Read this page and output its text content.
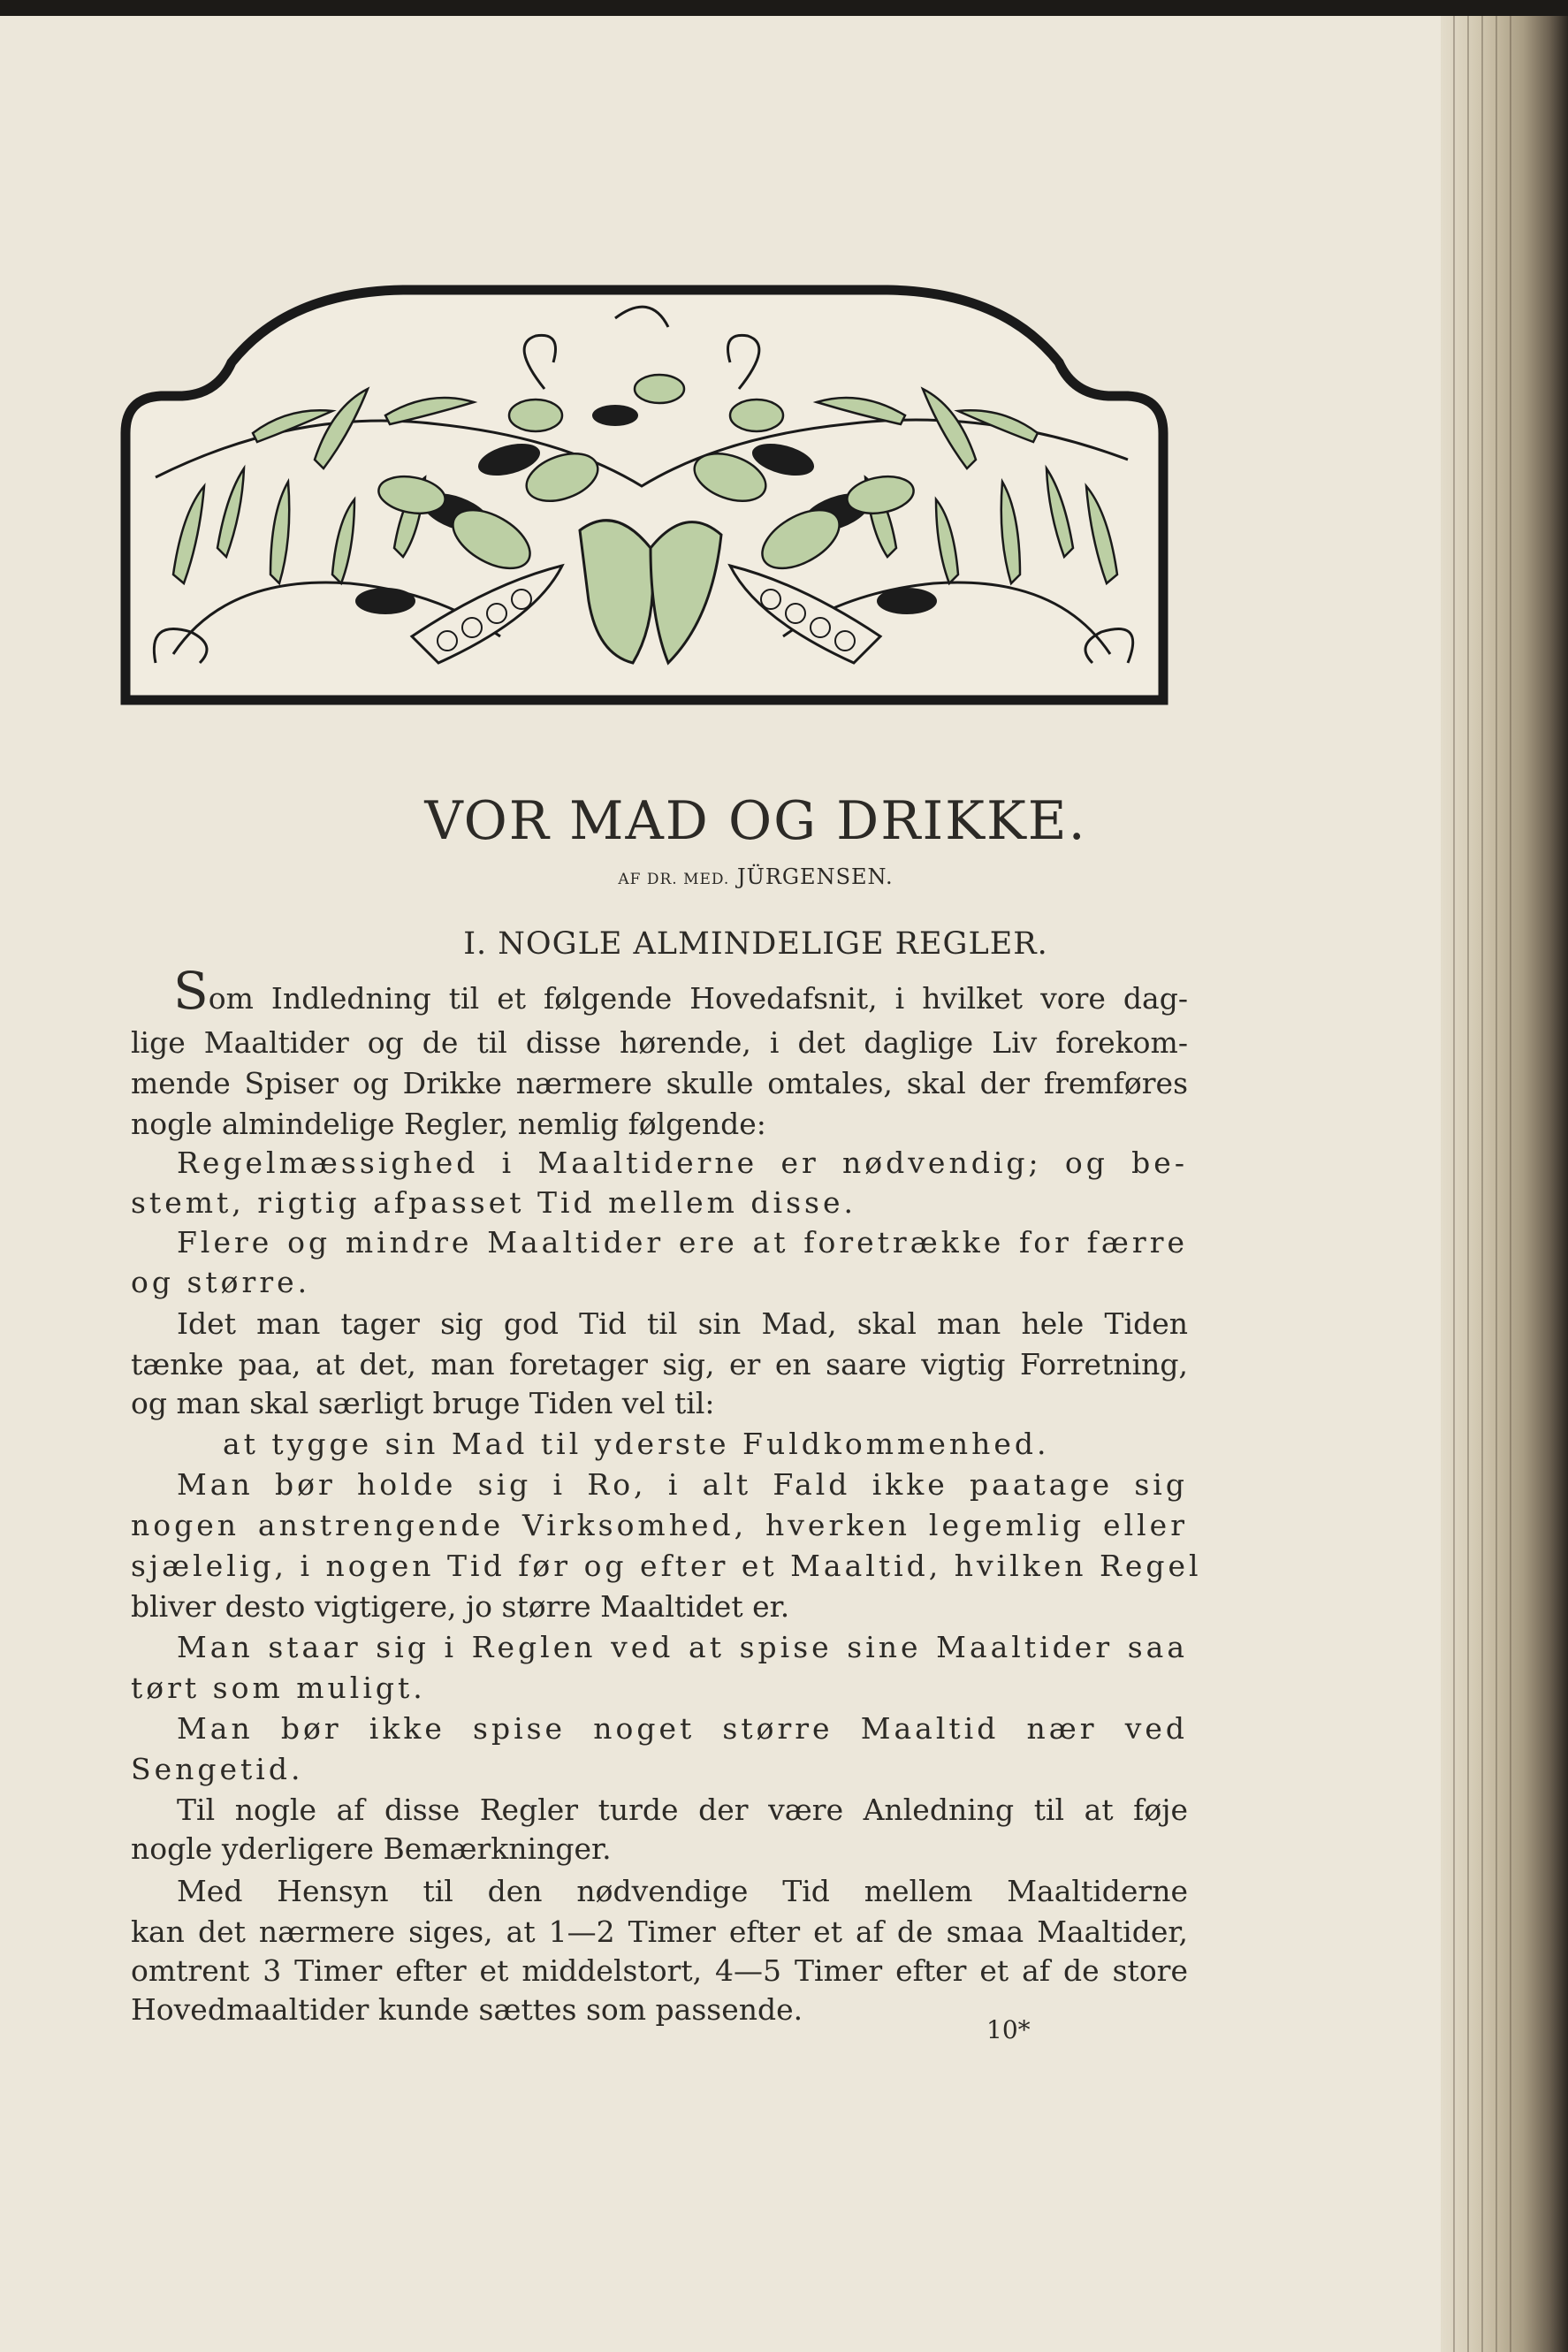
VOR MAD OG DRIKKE.
AF DR. MED. JÜRGENSEN.
I. NOGLE ALMINDELIGE REGLER.
Som Indledning til et følgende Hovedafsnit, i hvilket vore dag-
lige Maaltider og de til disse hørende, i det daglige Liv forekom-
mende Spiser og Drikke nærmere skulle omtales, skal der fremføres
nogle almindelige Regler, nemlig følgende:
Regelmæssighed i Maaltiderne er nødvendig; og be-
stemt, rigtig afpasset Tid mellem disse.
Flere og mindre Maaltider ere at foretrække for færre
og større.
Idet man tager sig god Tid til sin Mad, skal man hele Tiden
tænke paa, at det, man foretager sig, er en saare vigtig Forretning,
og man skal særligt bruge Tiden vel til:
at tygge sin Mad til yderste Fuldkommenhed.
Man bør holde sig i Ro, i alt Fald ikke paatage sig
nogen anstrengende Virksomhed, hverken legemlig eller
sjælelig, i nogen Tid før og efter et Maaltid, hvilken Regel
bliver desto vigtigere, jo større Maaltidet er.
Man staar sig i Reglen ved at spise sine Maaltider saa
tørt som muligt.
Man bør ikke spise noget større Maaltid nær ved
Sengetid.
Til nogle af disse Regler turde der være Anledning til at føje
nogle yderligere Bemærkninger.
Med Hensyn til den nødvendige Tid mellem Maaltiderne
kan det nærmere siges, at 1—2 Timer efter et af de smaa Maaltider,
omtrent 3 Timer efter et middelstort, 4—5 Timer efter et af de store
Hovedmaaltider kunde sættes som passende.
10*
